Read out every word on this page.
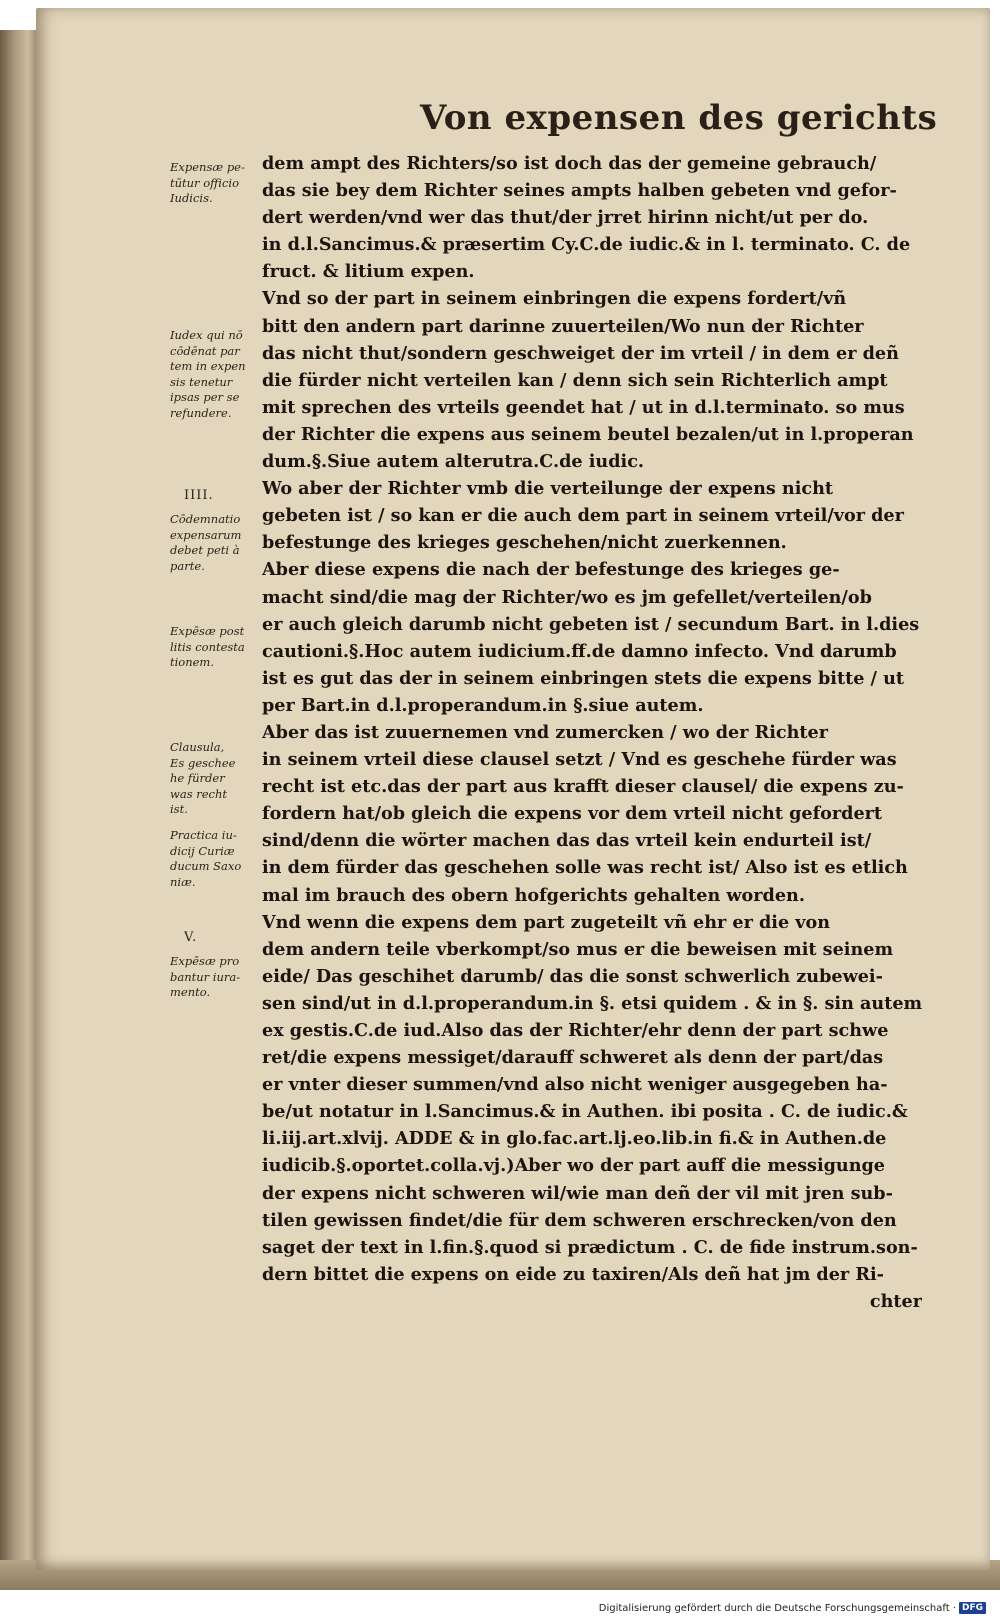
Von expensen des gerichts
Expensæ pe-
tūtur officio
Iudicis.
Iudex qui nō
cōdēnat par
tem in expen
sis tenetur
ipsas per se
refundere.
IIII.
Cōdemnatio
expensarum
debet peti à
parte.
Expēsæ post
litis contesta
tionem.
Clausula,
Es geschee
he fürder
was recht
ist.
Practica iu-
dicij Curiæ
ducum Saxo
niæ.
V.
Expēsæ pro
bantur iura-
mento.
dem ampt des Richters/so ist doch das der gemeine gebrauch/
das sie bey dem Richter seines ampts halben gebeten vnd gefor-
dert werden/vnd wer das thut/der jrret hirinn nicht/ut per do.
in d.l.Sancimus.& præsertim Cy.C.de iudic.& in l. terminato. C. de
fruct. & litium expen.
Vnd so der part in seinem einbringen die expens fordert/vñ
bitt den andern part darinne zuuerteilen/Wo nun der Richter
das nicht thut/sondern geschweiget der im vrteil / in dem er deñ
die fürder nicht verteilen kan / denn sich sein Richterlich ampt
mit sprechen des vrteils geendet hat / ut in d.l.terminato. so mus
der Richter die expens aus seinem beutel bezalen/ut in l.properan
dum.§.Siue autem alterutra.C.de iudic.
Wo aber der Richter vmb die verteilunge der expens nicht
gebeten ist / so kan er die auch dem part in seinem vrteil/vor der
befestunge des krieges geschehen/nicht zuerkennen.
Aber diese expens die nach der befestunge des krieges ge-
macht sind/die mag der Richter/wo es jm gefellet/verteilen/ob
er auch gleich darumb nicht gebeten ist / secundum Bart. in l.dies
cautioni.§.Hoc autem iudicium.ff.de damno infecto. Vnd darumb
ist es gut das der in seinem einbringen stets die expens bitte / ut
per Bart.in d.l.properandum.in §.siue autem.
Aber das ist zuuernemen vnd zumercken / wo der Richter
in seinem vrteil diese clausel setzt / Vnd es geschehe fürder was
recht ist etc.das der part aus krafft dieser clausel/ die expens zu-
fordern hat/ob gleich die expens vor dem vrteil nicht gefordert
sind/denn die wörter machen das das vrteil kein endurteil ist/
in dem fürder das geschehen solle was recht ist/ Also ist es etlich
mal im brauch des obern hofgerichts gehalten worden.
Vnd wenn die expens dem part zugeteilt vñ ehr er die von
dem andern teile vberkompt/so mus er die beweisen mit seinem
eide/ Das geschihet darumb/ das die sonst schwerlich zubewei-
sen sind/ut in d.l.properandum.in §. etsi quidem . & in §. sin autem
ex gestis.C.de iud.Also das der Richter/ehr denn der part schwe
ret/die expens messiget/darauff schweret als denn der part/das
er vnter dieser summen/vnd also nicht weniger ausgegeben ha-
be/ut notatur in l.Sancimus.& in Authen. ibi posita . C. de iudic.&
li.iij.art.xlvij. ADDE & in glo.fac.art.lj.eo.lib.in fi.& in Authen.de
iudicib.§.oportet.colla.vj.)Aber wo der part auff die messigunge
der expens nicht schweren wil/wie man deñ der vil mit jren sub-
tilen gewissen findet/die für dem schweren erschrecken/von den
saget der text in l.fin.§.quod si prædictum . C. de fide instrum.son-
dern bittet die expens on eide zu taxiren/Als deñ hat jm der Ri-
chter
Digitalisierung gefördert durch die Deutsche Forschungsgemeinschaft · DFG
